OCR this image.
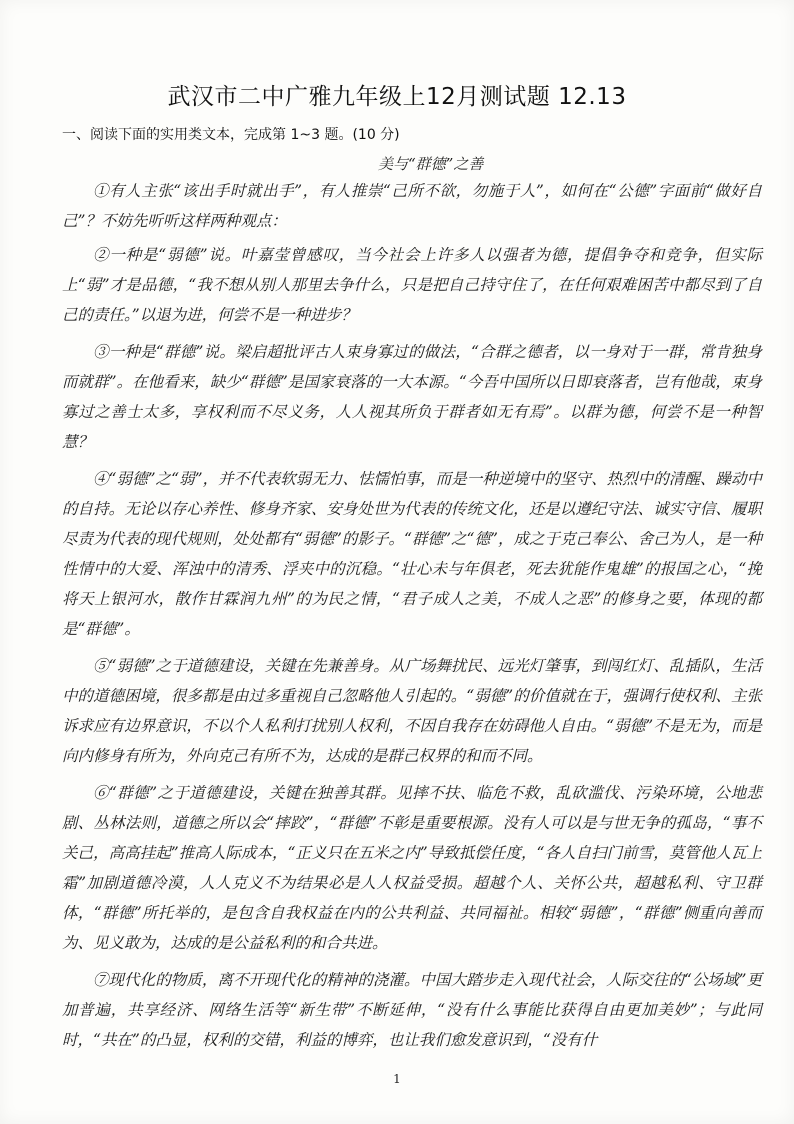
武汉市二中广雅九年级上12月测试题 12.13
一、阅读下面的实用类文本，完成第 1~3 题。(10 分)
美与“群德”之善

①有人主张“该出手时就出手”，有人推崇“己所不欲，勿施于人”，如何在“公德”字面前“做好自己”？不妨先听听这样两种观点：

②一种是“弱德”说。叶嘉莹曾感叹，当今社会上许多人以强者为德，提倡争夺和竞争，但实际上“弱”才是品德，“我不想从别人那里去争什么，只是把自己持守住了，在任何艰难困苦中都尽到了自己的责任。”以退为进，何尝不是一种进步？

③一种是“群德”说。梁启超批评古人束身寡过的做法，“合群之德者，以一身对于一群，常肯独身而就群”。在他看来，缺少“群德”是国家衰落的一大本源。“今吾中国所以日即衰落者，岂有他哉，束身寡过之善士太多，享权利而不尽义务，人人视其所负于群者如无有焉”。以群为德，何尝不是一种智慧？

④“弱德”之“弱”，并不代表软弱无力、怯懦怕事，而是一种逆境中的坚守、热烈中的清醒、躁动中的自持。无论以存心养性、修身齐家、安身处世为代表的传统文化，还是以遵纪守法、诚实守信、履职尽责为代表的现代规则，处处都有“弱德”的影子。“群德”之“德”，成之于克己奉公、舍己为人，是一种性情中的大爱、浑浊中的清秀、浮夹中的沉稳。“壮心未与年俱老，死去犹能作鬼雄”的报国之心，“挽将天上银河水，散作甘霖润九州”的为民之情，“君子成人之美，不成人之恶”的修身之要，体现的都是“群德”。

⑤“弱德”之于道德建设，关键在先兼善身。从广场舞扰民、远光灯肇事，到闯红灯、乱插队，生活中的道德困境，很多都是由过多重视自己忽略他人引起的。“弱德”的价值就在于，强调行使权利、主张诉求应有边界意识，不以个人私利打扰别人权利，不因自我存在妨碍他人自由。“弱德”不是无为，而是向内修身有所为，外向克己有所不为，达成的是群己权界的和而不同。

⑥“群德”之于道德建设，关键在独善其群。见摔不扶、临危不救，乱砍滥伐、污染环境，公地悲剧、丛林法则，道德之所以会“摔跤”，“群德”不彰是重要根源。没有人可以是与世无争的孤岛，“事不关己，高高挂起”推高人际成本，“正义只在五米之内”导致抵偿任度，“各人自扫门前雪，莫管他人瓦上霜”加剧道德冷漠，人人克义不为结果必是人人权益受损。超越个人、关怀公共，超越私利、守卫群体，“群德”所托举的，是包含自我权益在内的公共利益、共同福祉。相较“弱德”，“群德”侧重向善而为、见义敢为，达成的是公益私利的和合共进。

⑦现代化的物质，离不开现代化的精神的浇灌。中国大踏步走入现代社会，人际交往的“公场域”更加普遍，共享经济、网络生活等“新生带”不断延伸，“没有什么事能比获得自由更加美妙”；与此同时，“共在”的凸显，权利的交错，利益的博弈，也让我们愈发意识到，“没有什

1
